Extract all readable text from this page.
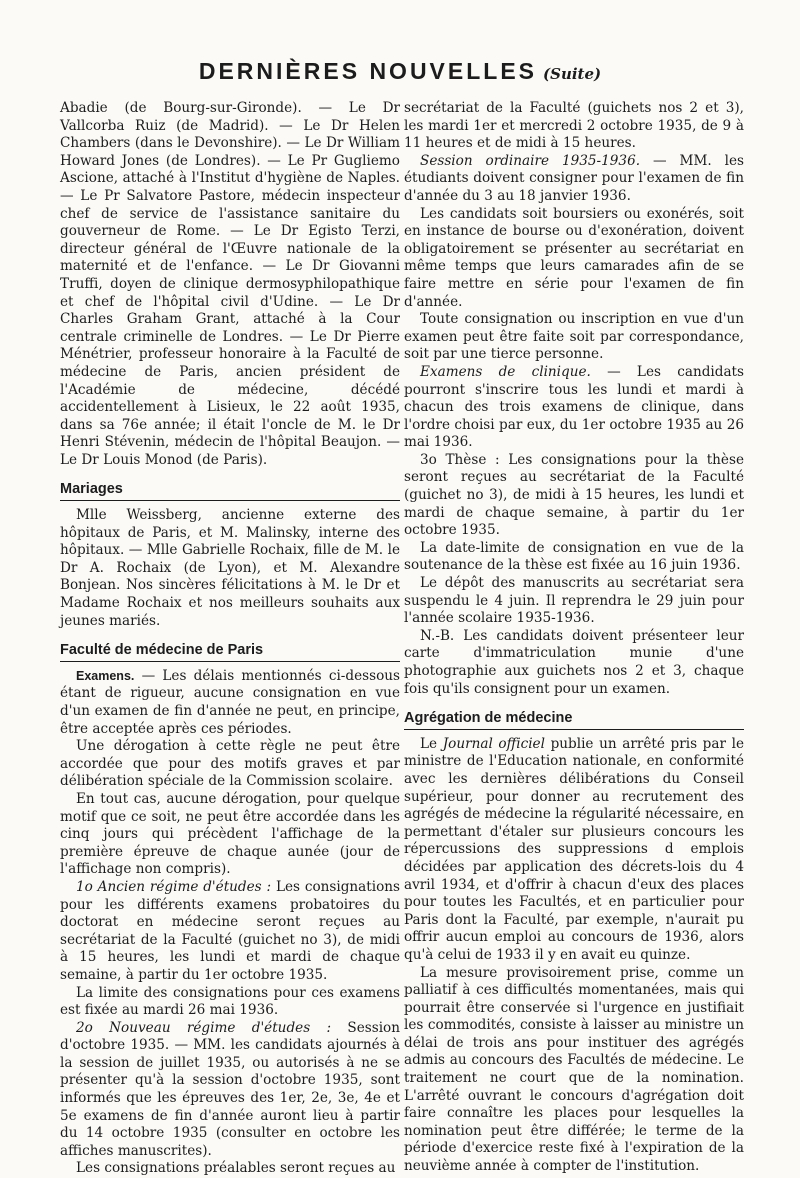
DERNIÈRES NOUVELLES (Suite)

Abadie (de Bourg-sur-Gironde). — Le Dr Vallcorba Ruiz (de Madrid). — Le Dr Helen Chambers (dans le Devonshire). — Le Dr William Howard Jones (de Londres). — Le Pr Gugliemo Ascione, attaché à l'Institut d'hygiène de Naples. — Le Pr Salvatore Pastore, médecin inspecteur chef de service de l'assistance sanitaire du gouverneur de Rome. — Le Dr Egisto Terzi, directeur général de l'Œuvre nationale de la maternité et de l'enfance. — Le Dr Giovanni Truffi, doyen de clinique dermosyphilopathique et chef de l'hôpital civil d'Udine. — Le Dr Charles Graham Grant, attaché à la Cour centrale criminelle de Londres. — Le Dr Pierre Ménétrier, professeur honoraire à la Faculté de médecine de Paris, ancien président de l'Académie de médecine, décédé accidentellement à Lisieux, le 22 août 1935, dans sa 76e année; il était l'oncle de M. le Dr Henri Stévenin, médecin de l'hôpital Beaujon. — Le Dr Louis Monod (de Paris).

Mariages

Mlle Weissberg, ancienne externe des hôpitaux de Paris, et M. Malinsky, interne des hôpitaux. — Mlle Gabrielle Rochaix, fille de M. le Dr A. Rochaix (de Lyon), et M. Alexandre Bonjean. Nos sincères félicitations à M. le Dr et Madame Rochaix et nos meilleurs souhaits aux jeunes mariés.

Faculté de médecine de Paris

Examens. — Les délais mentionnés ci-dessous étant de rigueur, aucune consignation en vue d'un examen de fin d'année ne peut, en principe, être acceptée après ces périodes.

Une dérogation à cette règle ne peut être accordée que pour des motifs graves et par délibération spéciale de la Commission scolaire.

En tout cas, aucune dérogation, pour quelque motif que ce soit, ne peut être accordée dans les cinq jours qui précèdent l'affichage de la première épreuve de chaque aunée (jour de l'affichage non compris).

1o Ancien régime d'études : Les consignations pour les différents examens probatoires du doctorat en médecine seront reçues au secrétariat de la Faculté (guichet no 3), de midi à 15 heures, les lundi et mardi de chaque semaine, à partir du 1er octobre 1935.

La limite des consignations pour ces examens est fixée au mardi 26 mai 1936.

2o Nouveau régime d'études : Session d'octobre 1935. — MM. les candidats ajournés à la session de juillet 1935, ou autorisés à ne se présenter qu'à la session d'octobre 1935, sont informés que les épreuves des 1er, 2e, 3e, 4e et 5e examens de fin d'année auront lieu à partir du 14 octobre 1935 (consulter en octobre les affiches manuscrites).

Les consignations préalables seront reçues au

secrétariat de la Faculté (guichets nos 2 et 3), les mardi 1er et mercredi 2 octobre 1935, de 9 à 11 heures et de midi à 15 heures.

Session ordinaire 1935-1936. — MM. les étudiants doivent consigner pour l'examen de fin d'année du 3 au 18 janvier 1936.

Les candidats soit boursiers ou exonérés, soit en instance de bourse ou d'exonération, doivent obligatoirement se présenter au secrétariat en même temps que leurs camarades afin de se faire mettre en série pour l'examen de fin d'année.

Toute consignation ou inscription en vue d'un examen peut être faite soit par correspondance, soit par une tierce personne.

Examens de clinique. — Les candidats pourront s'inscrire tous les lundi et mardi à chacun des trois examens de clinique, dans l'ordre choisi par eux, du 1er octobre 1935 au 26 mai 1936.

3o Thèse : Les consignations pour la thèse seront reçues au secrétariat de la Faculté (guichet no 3), de midi à 15 heures, les lundi et mardi de chaque semaine, à partir du 1er octobre 1935.

La date-limite de consignation en vue de la soutenance de la thèse est fixée au 16 juin 1936.

Le dépôt des manuscrits au secrétariat sera suspendu le 4 juin. Il reprendra le 29 juin pour l'année scolaire 1935-1936.

N.-B. Les candidats doivent présenteer leur carte d'immatriculation munie d'une photographie aux guichets nos 2 et 3, chaque fois qu'ils consignent pour un examen.

Agrégation de médecine

Le Journal officiel publie un arrêté pris par le ministre de l'Education nationale, en conformité avec les dernières délibérations du Conseil supérieur, pour donner au recrutement des agrégés de médecine la régularité nécessaire, en permettant d'étaler sur plusieurs concours les répercussions des suppressions d emplois décidées par application des décrets-lois du 4 avril 1934, et d'offrir à chacun d'eux des places pour toutes les Facultés, et en particulier pour Paris dont la Faculté, par exemple, n'aurait pu offrir aucun emploi au concours de 1936, alors qu'à celui de 1933 il y en avait eu quinze.

La mesure provisoirement prise, comme un palliatif à ces difficultés momentanées, mais qui pourrait être conservée si l'urgence en justifiait les commodités, consiste à laisser au ministre un délai de trois ans pour instituer des agrégés admis au concours des Facultés de médecine. Le traitement ne court que de la nomination. L'arrêté ouvrant le concours d'agrégation doit faire connaître les places pour lesquelles la nomination peut être différée; le terme de la période d'exercice reste fixé à l'expiration de la neuvième année à compter de l'institution.
